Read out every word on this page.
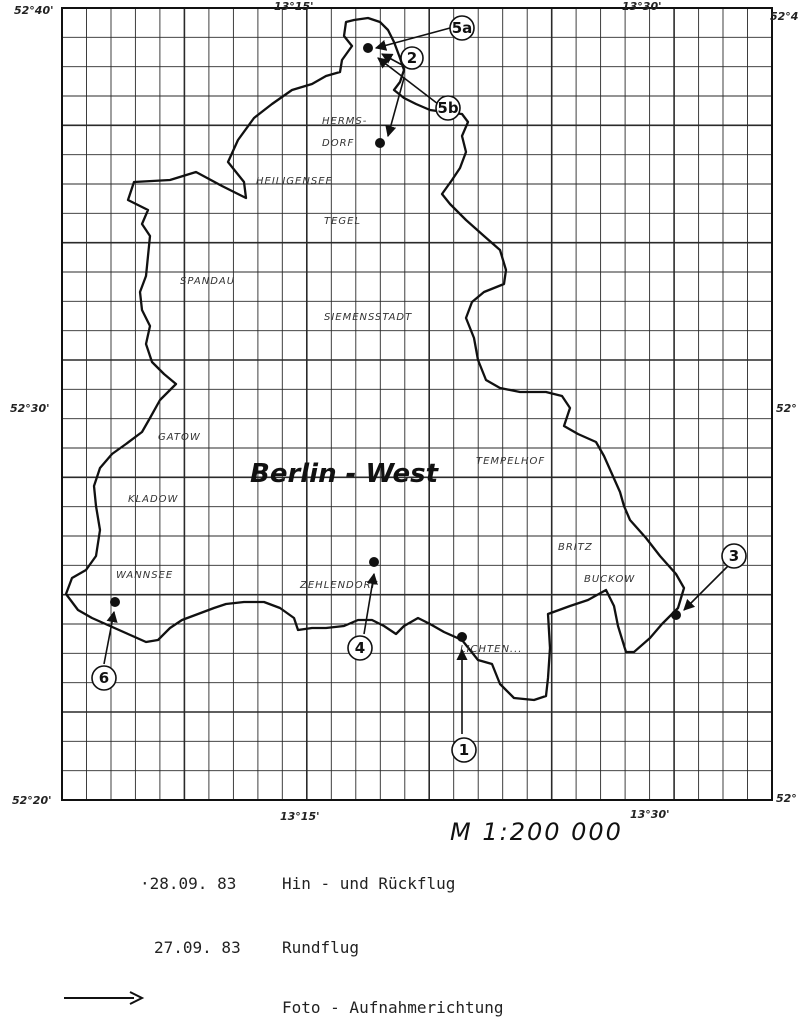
HERMS-
DORF
HEILIGENSEE
TEGEL
SPANDAU
SIEMENSSTADT
GATOW
TEMPELHOF
KLADOW
BRITZ
BUCKOW
WANNSEE
ZEHLENDORF
LICHTEN...
Berlin - West
5a
2
5b
3
4
1
6
52°40'	13°15'	13°30'
52°4
52°30'	52°
52°20'
13°15'	13°30'
52°
M 1:200 000
·28.09. 83	Hin - und Rückflug
27.09. 83	Rundflug
Foto - Aufnahmerichtung
